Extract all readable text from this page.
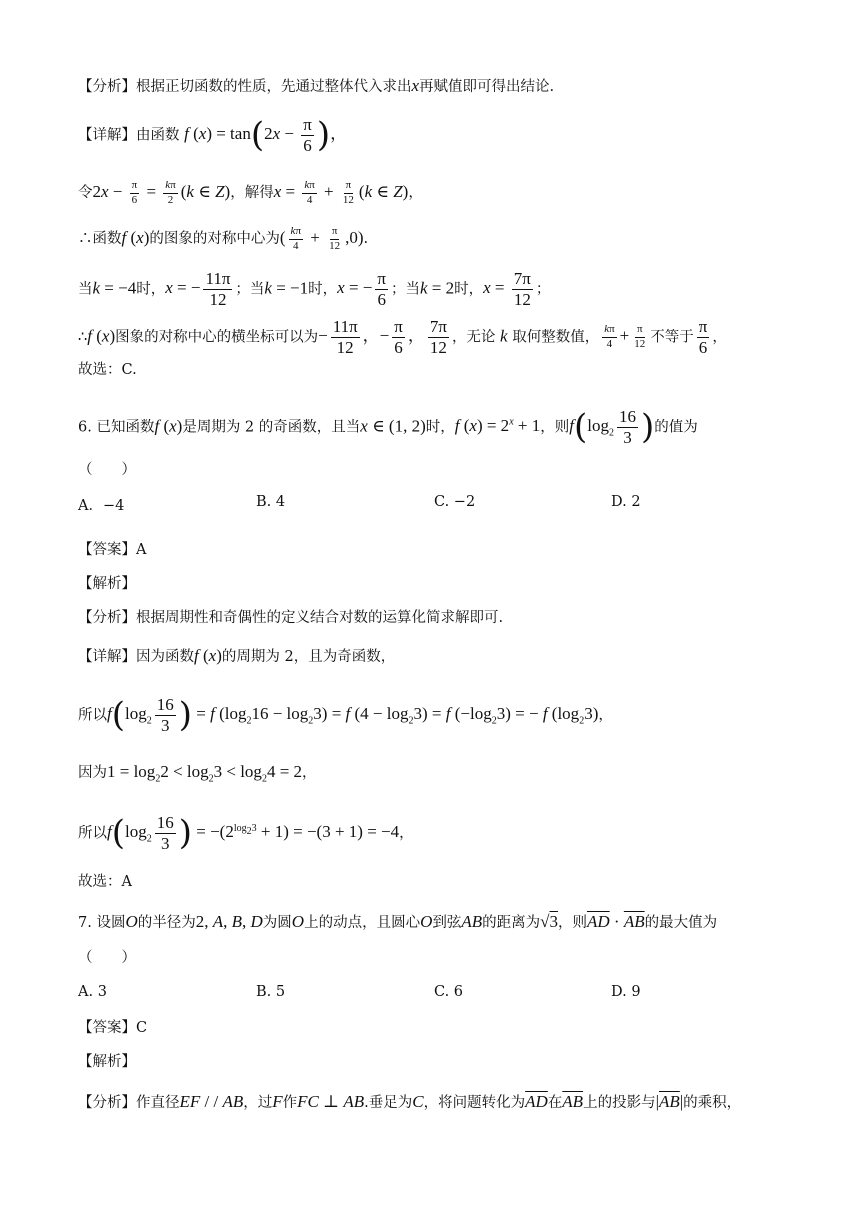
【分析】根据正切函数的性质，先通过整体代入求出x再赋值即可得出结论.
【详解】由函数 f $(x) = \tan(2x - \frac{\pi}{6}$ )，
令$2x - \frac{\pi}{6} = \frac{k\pi}{2} (k$ ∈ Z)，解得$x = \frac{k\pi}{4} + \frac{\pi}{12} (k$ ∈ Z)，
∴函数f (x)的图象的对称中心为( $\frac{k\pi}{4} + \frac{\pi}{12} ,0$).
当k = −4时，x = − $\frac{11\pi}{12}$ ；当k = −1时，x = − $\frac{\pi}{6}$ ；当k = 2时，$x = \frac{7\pi}{12}$ ；
∴f (x)图象的对称中心的横坐标可以为− $\frac{11\pi}{12}$ ，− $\frac{\pi}{6}$ ， $\frac{7\pi}{12}$ ，无论 k 取何整数值， $\frac{k\pi}{4} + \frac{\pi}{12}$ 不等于 $\frac{\pi}{6}$ ，
故选：C.
6. 已知函数f (x)是周期为 2 的奇函数，且当x ∈ (1, 2)时，f $(x) = 2^x + 1$，则$f(\log_2 \frac{16}{3}$ )的值为
（　　）
A．−4	B. 4	C. −2	D. 2
【答案】A
【解析】
【分析】根据周期性和奇偶性的定义结合对数的运算化简求解即可.
【详解】因为函数f (x)的周期为 2，且为奇函数，
所以$f(\log_2 \frac{16}{3}$ ) = f $(\log_216 - \log_23) = f$ $(4 - \log_23) = f$ $(-\log_23)$ = − f $(\log_23)$，
因为$1 = \log_22 < \log_23 < \log_24 = 2$，
所以$f(\log_2 \frac{16}{3}$ ) = $-(2^{log_23} + 1) = -(3 + 1) = -4$，
故选：A
7. 设圆O的半径为2, A, B, D为圆O上的动点，且圆心O到弦AB的距离为√3，则$\overline{AD} \cdot \overline{AB}$的最大值为
（　　）
A. 3	B. 5	C. 6	D. 9
【答案】C
【解析】
【分析】作直径EF / / AB，过F作FC ⊥ AB.垂足为C，将问题转化为$\overline{AD}$在$\overline{AB}$上的投影与$|\overline{AB}|$的乘积，
